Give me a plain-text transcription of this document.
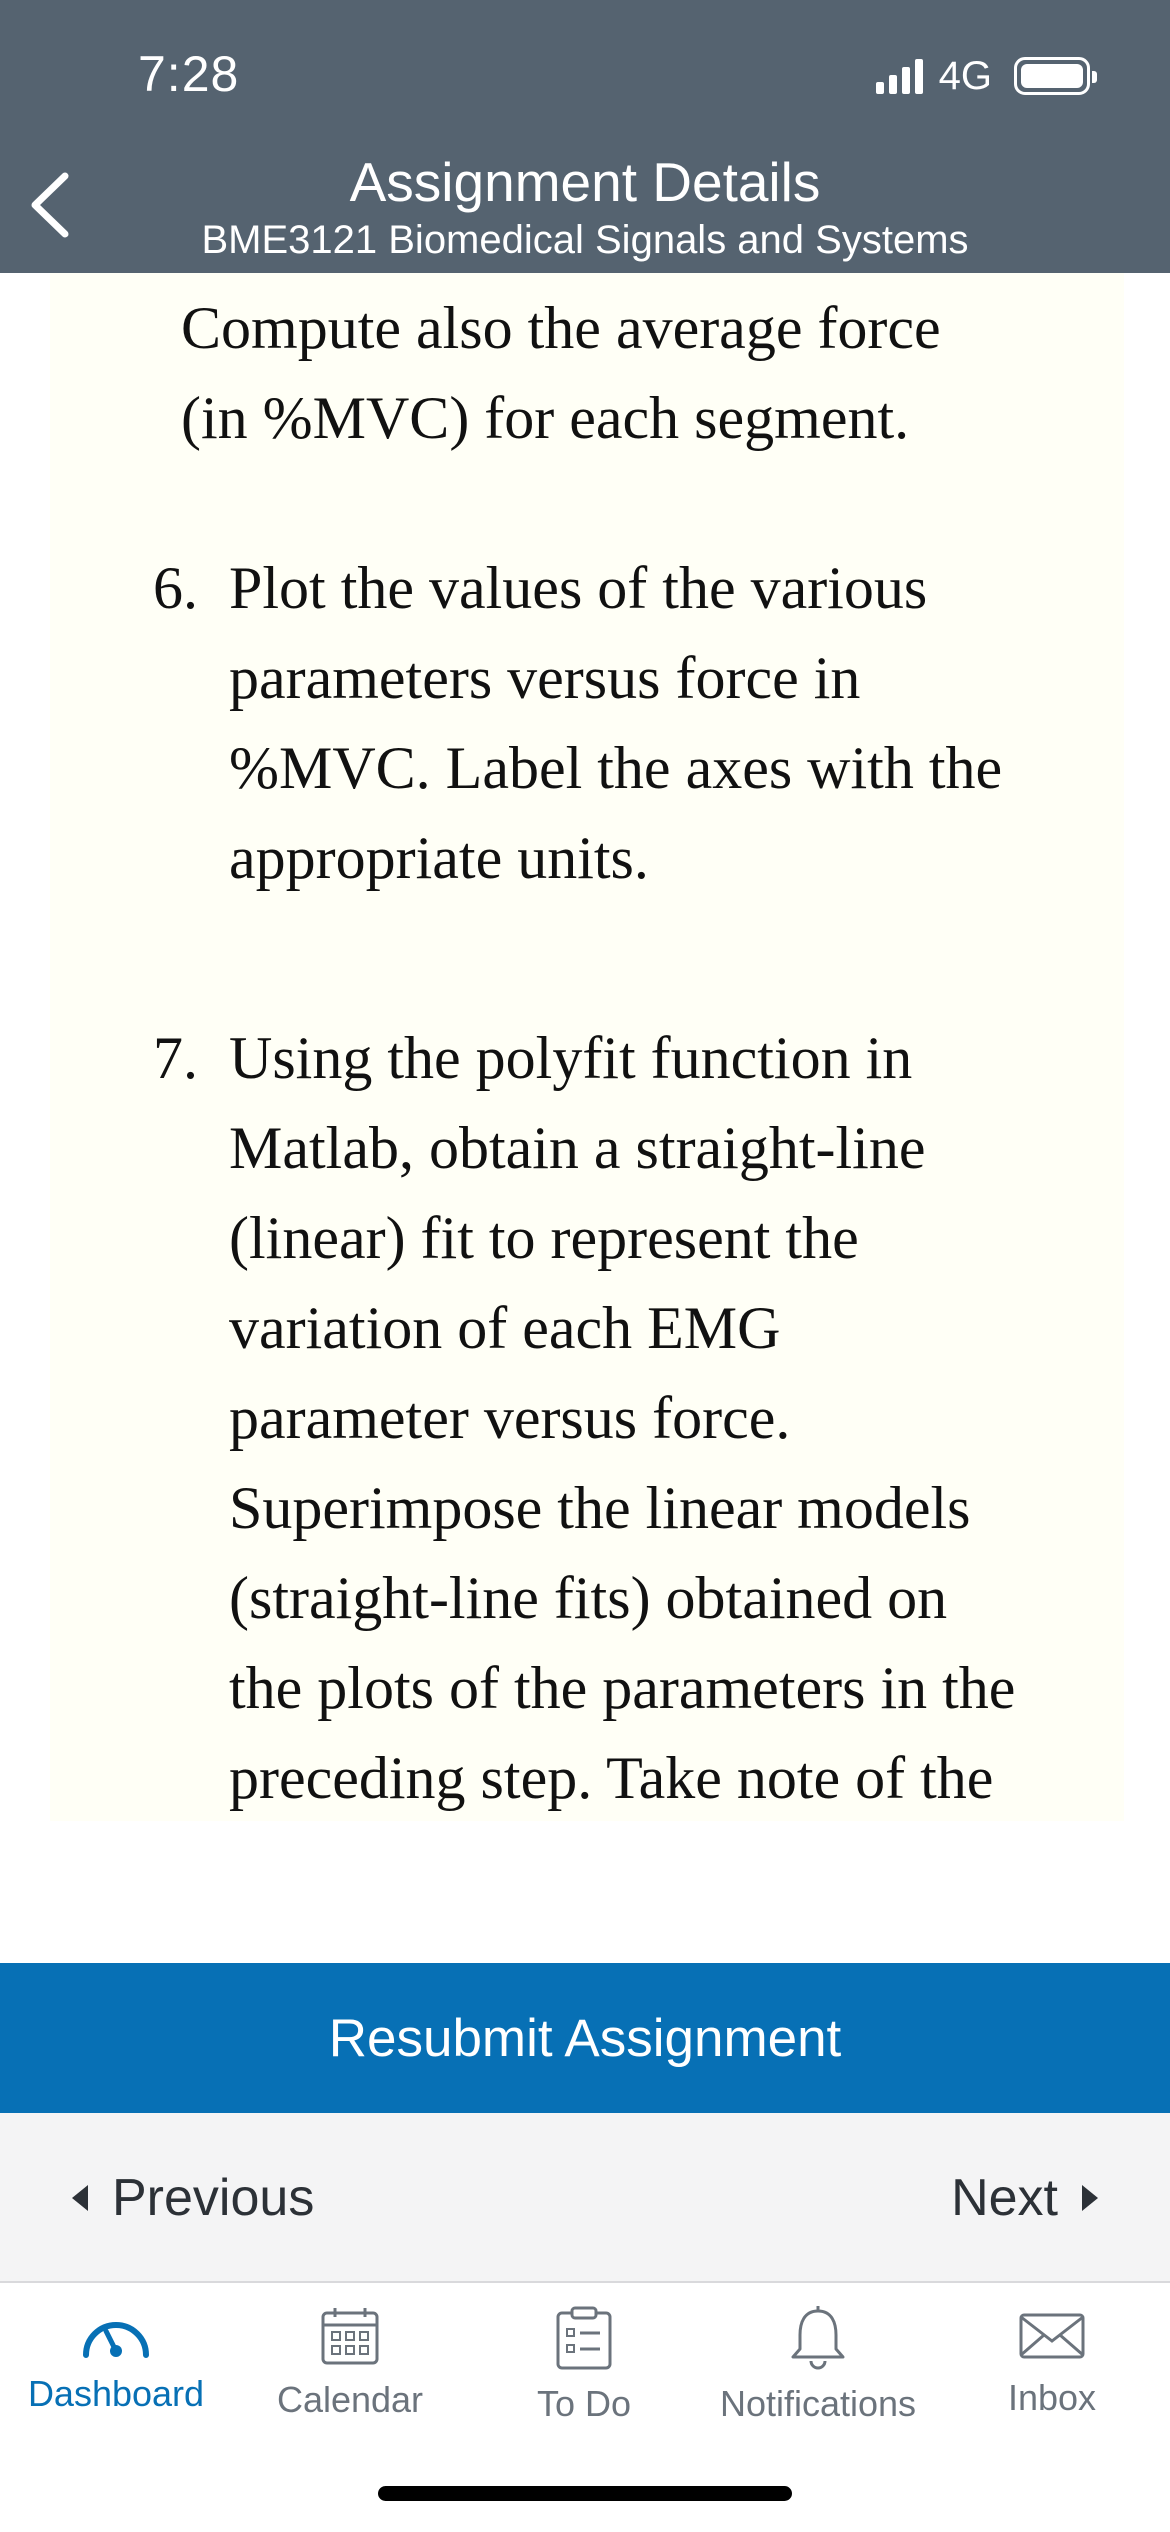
7:28	4G
Assignment Details
BME3121 Biomedical Signals and Systems
Compute also the average force
(in %MVC) for each segment.
6. Plot the values of the various
parameters versus force in
%MVC. Label the axes with the
appropriate units.
7. Using the polyfit function in
Matlab, obtain a straight-line
(linear) fit to represent the
variation of each EMG
parameter versus force.
Superimpose the linear models
(straight-line fits) obtained on
the plots of the parameters in the
preceding step. Take note of the
Resubmit Assignment
Previous	Next
Dashboard Calendar	To Do Notifications	Inbox
